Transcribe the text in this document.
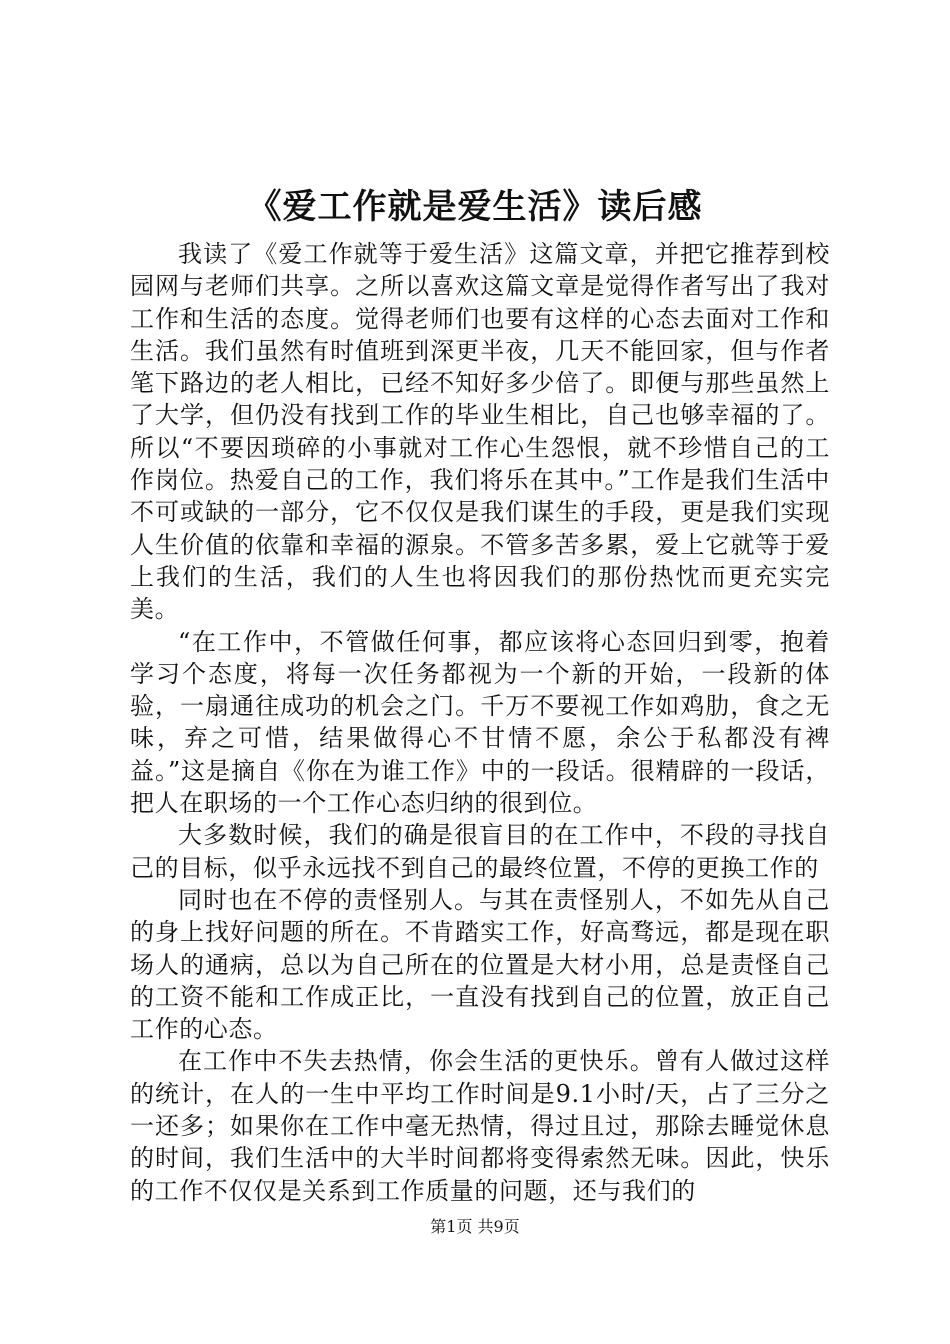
《爱工作就是爱生活》读后感

我读了《爱工作就等于爱生活》这篇文章，并把它推荐到校园网与老师们共享。之所以喜欢这篇文章是觉得作者写出了我对工作和生活的态度。觉得老师们也要有这样的心态去面对工作和生活。我们虽然有时值班到深更半夜，几天不能回家，但与作者笔下路边的老人相比，已经不知好多少倍了。即便与那些虽然上了大学，但仍没有找到工作的毕业生相比，自己也够幸福的了。所以“不要因琐碎的小事就对工作心生怨恨，就不珍惜自己的工作岗位。热爱自己的工作，我们将乐在其中。”工作是我们生活中不可或缺的一部分，它不仅仅是我们谋生的手段，更是我们实现人生价值的依靠和幸福的源泉。不管多苦多累，爱上它就等于爱上我们的生活，我们的人生也将因我们的那份热忱而更充实完美。

“在工作中，不管做任何事，都应该将心态回归到零，抱着学习个态度，将每一次任务都视为一个新的开始，一段新的体验，一扇通往成功的机会之门。千万不要视工作如鸡肋，食之无味，弃之可惜，结果做得心不甘情不愿，余公于私都没有裨益。”这是摘自《你在为谁工作》中的一段话。很精辟的一段话，把人在职场的一个工作心态归纳的很到位。

大多数时候，我们的确是很盲目的在工作中，不段的寻找自己的目标，似乎永远找不到自己的最终位置，不停的更换工作的

同时也在不停的责怪别人。与其在责怪别人，不如先从自己的身上找好问题的所在。不肯踏实工作，好高骛远，都是现在职场人的通病，总以为自己所在的位置是大材小用，总是责怪自己的工资不能和工作成正比，一直没有找到自己的位置，放正自己工作的心态。

在工作中不失去热情，你会生活的更快乐。曾有人做过这样的统计，在人的一生中平均工作时间是9.1小时/天，占了三分之一还多；如果你在工作中毫无热情，得过且过，那除去睡觉休息的时间，我们生活中的大半时间都将变得索然无味。因此，快乐的工作不仅仅是关系到工作质量的问题，还与我们的

第1页 共9页
